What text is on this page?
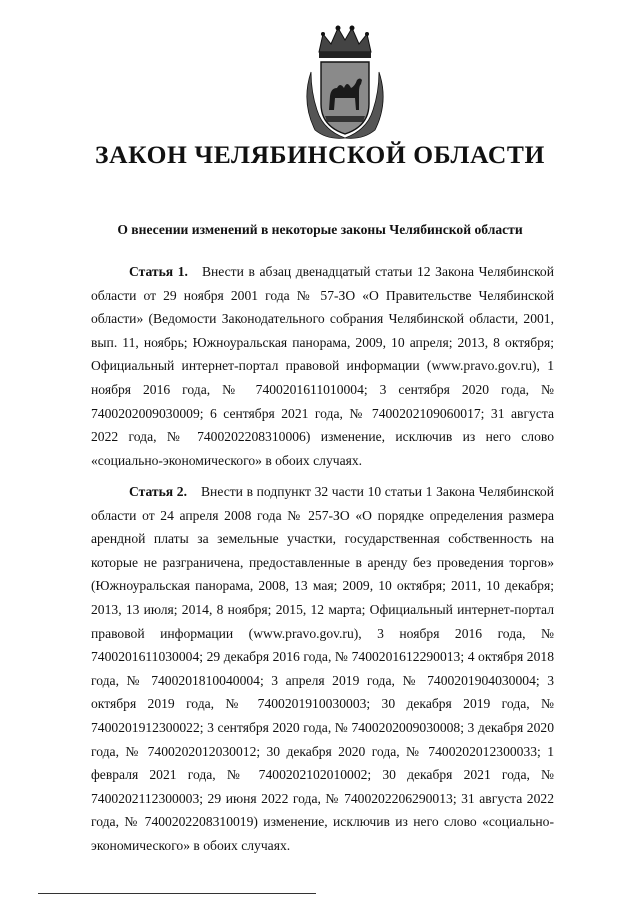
ЗАКОН ЧЕЛЯБИНСКОЙ ОБЛАСТИ
О внесении изменений в некоторые законы Челябинской области

Статья 1. Внести в абзац двенадцатый статьи 12 Закона Челябинской области от 29 ноября 2001 года № 57-ЗО «О Правительстве Челябинской области» (Ведомости Законодательного собрания Челябинской области, 2001, вып. 11, ноябрь; Южноуральская панорама, 2009, 10 апреля; 2013, 8 октября; Официальный интернет-портал правовой информации (www.pravo.gov.ru), 1 ноября 2016 года, № 7400201611010004; 3 сентября 2020 года, № 7400202009030009; 6 сентября 2021 года, № 7400202109060017; 31 августа 2022 года, № 7400202208310006) изменение, исключив из него слово «социально-экономического» в обоих случаях.

Статья 2. Внести в подпункт 32 части 10 статьи 1 Закона Челябинской области от 24 апреля 2008 года № 257-ЗО «О порядке определения размера арендной платы за земельные участки, государственная собственность на которые не разграничена, предоставленные в аренду без проведения торгов» (Южноуральская панорама, 2008, 13 мая; 2009, 10 октября; 2011, 10 декабря; 2013, 13 июля; 2014, 8 ноября; 2015, 12 марта; Официальный интернет-портал правовой информации (www.pravo.gov.ru), 3 ноября 2016 года, № 7400201611030004; 29 декабря 2016 года, № 7400201612290013; 4 октября 2018 года, № 7400201810040004; 3 апреля 2019 года, № 7400201904030004; 3 октября 2019 года, № 7400201910030003; 30 декабря 2019 года, № 7400201912300022; 3 сентября 2020 года, № 7400202009030008; 3 декабря 2020 года, № 7400202012030012; 30 декабря 2020 года, № 7400202012300033; 1 февраля 2021 года, № 7400202102010002; 30 декабря 2021 года, № 7400202112300003; 29 июня 2022 года, № 7400202206290013; 31 августа 2022 года, № 7400202208310019) изменение, исключив из него слово «социально-экономического» в обоих случаях.
